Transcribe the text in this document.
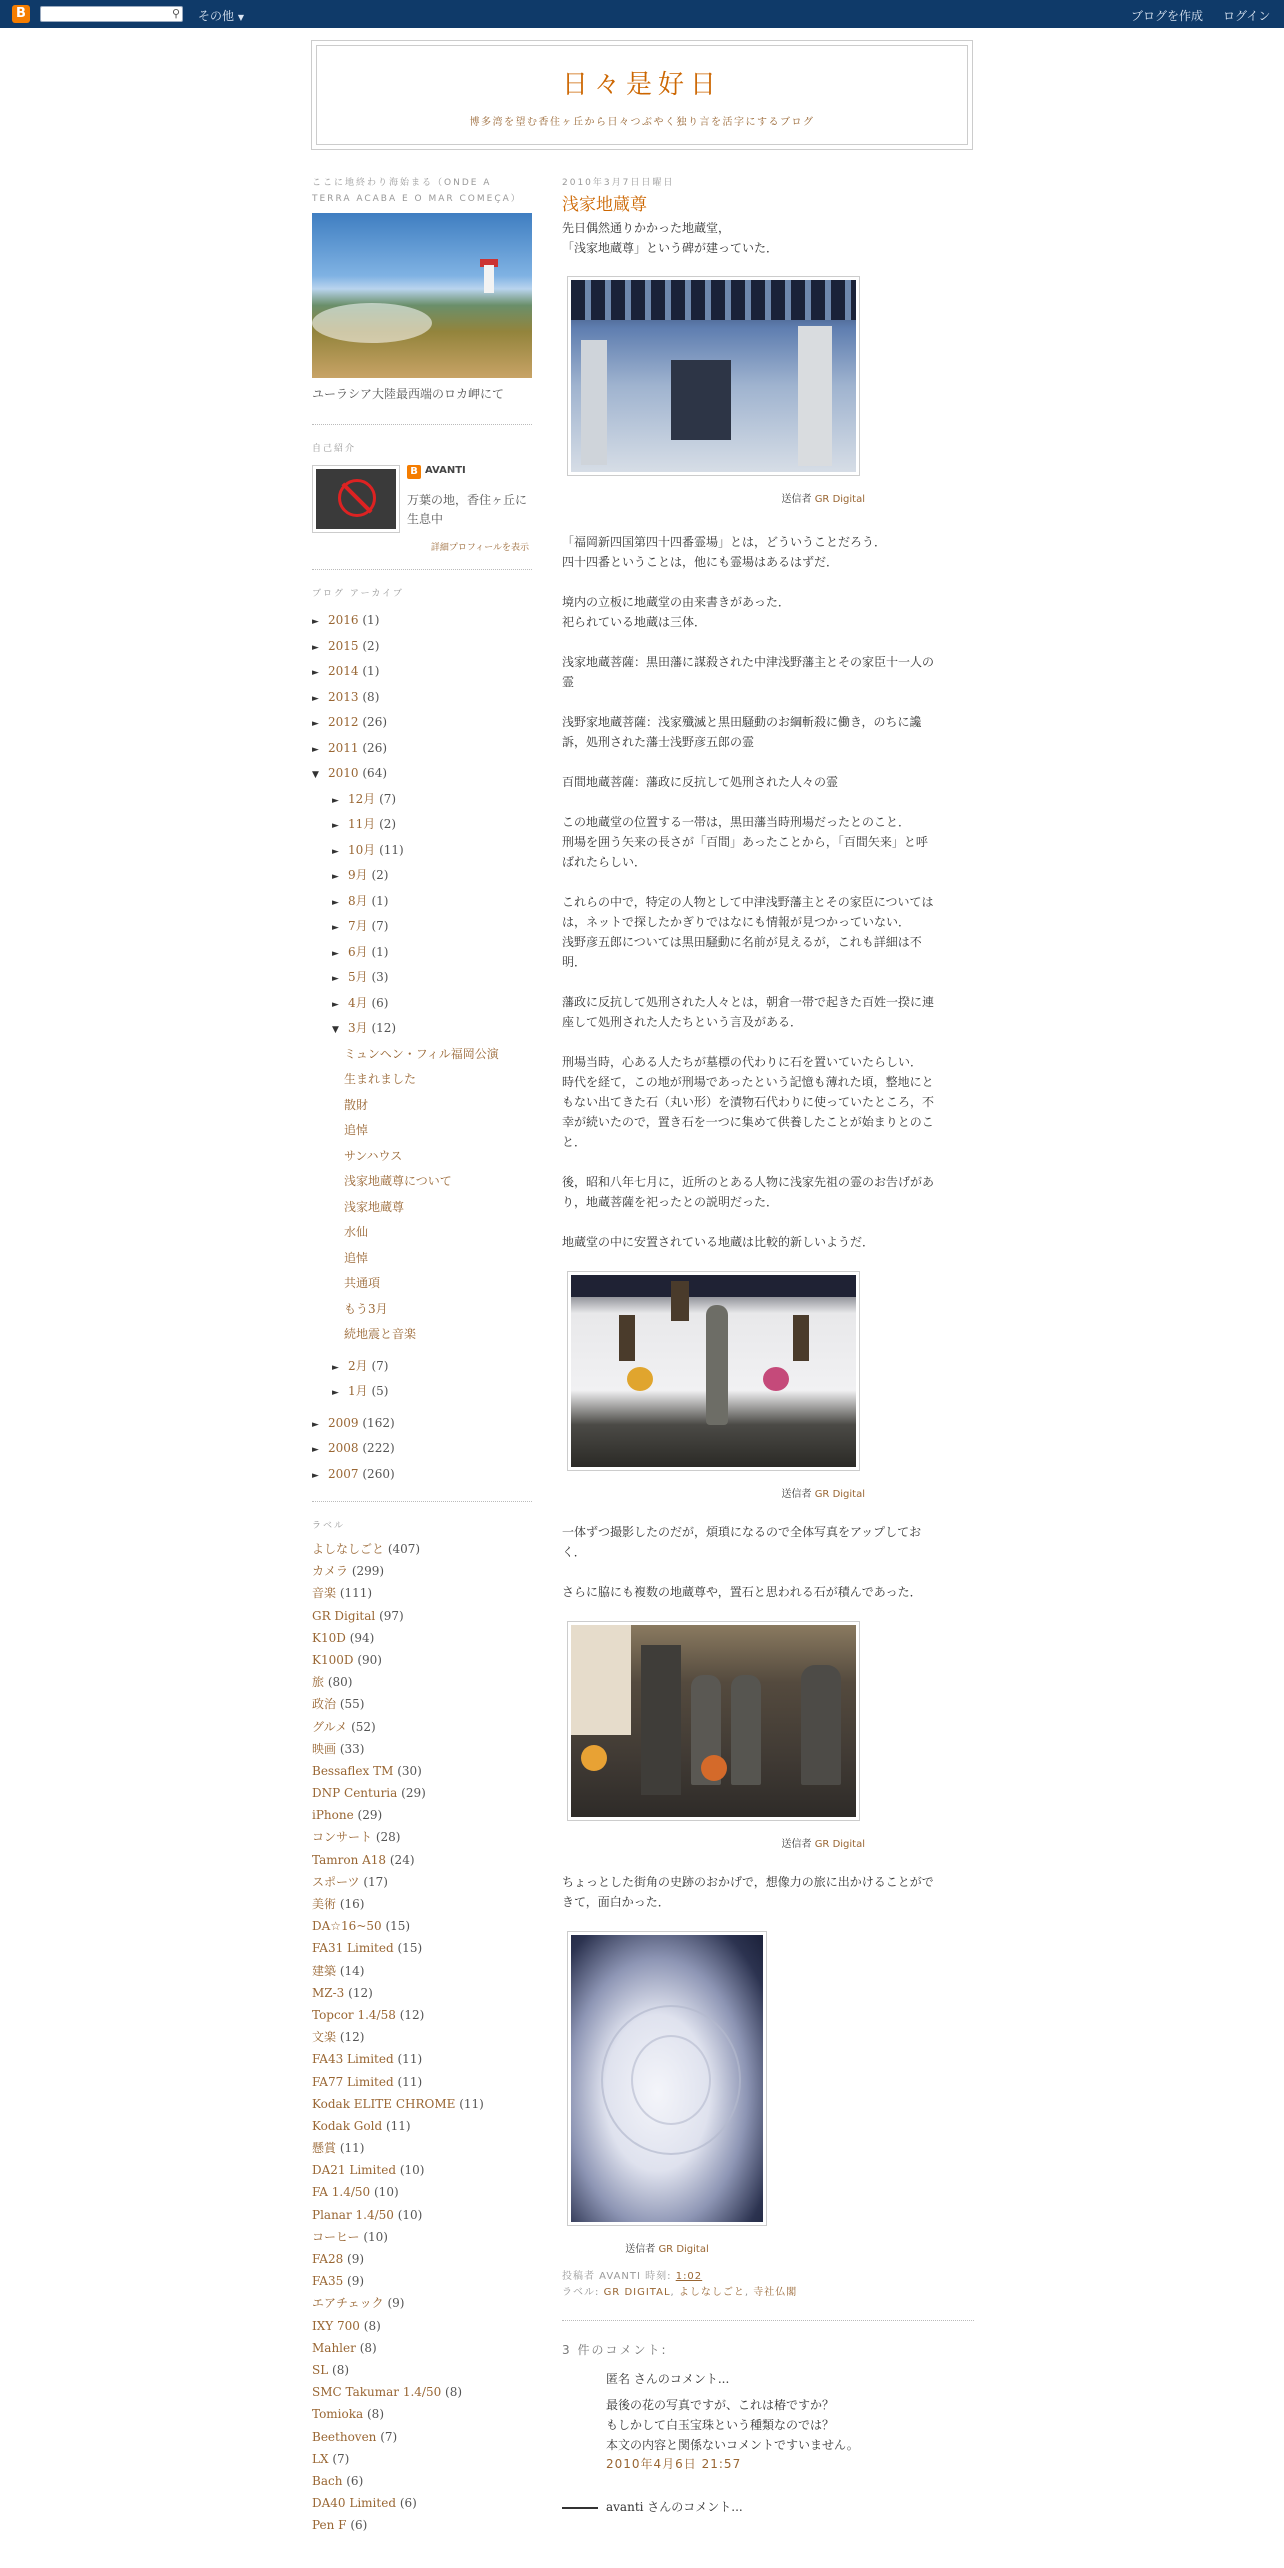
B	⚲ その他 ▼	ブログを作成 ログイン
日々是好日
博多湾を望む香住ヶ丘から日々つぶやく独り言を活字にするブログ
ここに地終わり海始まる（ONDE A TERRA ACABA E O MAR COMEÇA）
ユーラシア大陸最西端のロカ岬にて
自己紹介
B AVANTI
万葉の地，香住ヶ丘に生息中
詳細プロフィールを表示
ブログ アーカイブ
► 2016 (1)
► 2015 (2)
► 2014 (1)
► 2013 (8)
► 2012 (26)
► 2011 (26)
▼ 2010 (64)
► 12月 (7)
► 11月 (2)
► 10月 (11)
► 9月 (2)
► 8月 (1)
► 7月 (7)
► 6月 (1)
► 5月 (3)
► 4月 (6)
▼ 3月 (12)
ミュンヘン・フィル福岡公演
生まれました
散財
追悼
サンハウス
浅家地蔵尊について
浅家地蔵尊
水仙
追悼
共通項
もう3月
続地震と音楽
► 2月 (7)
► 1月 (5)
► 2009 (162)
► 2008 (222)
► 2007 (260)
ラベル
よしなしごと (407)
カメラ (299)
音楽 (111)
GR Digital (97)
K10D (94)
K100D (90)
旅 (80)
政治 (55)
グルメ (52)
映画 (33)
Bessaflex TM (30)
DNP Centuria (29)
iPhone (29)
コンサート (28)
Tamron A18 (24)
スポーツ (17)
美術 (16)
DA☆16~50 (15)
FA31 Limited (15)
建築 (14)
MZ-3 (12)
Topcor 1.4/58 (12)
文楽 (12)
FA43 Limited (11)
FA77 Limited (11)
Kodak ELITE CHROME (11)
Kodak Gold (11)
懸賞 (11)
DA21 Limited (10)
FA 1.4/50 (10)
Planar 1.4/50 (10)
コーヒー (10)
FA28 (9)
FA35 (9)
エアチェック (9)
IXY 700 (8)
Mahler (8)
SL (8)
SMC Takumar 1.4/50 (8)
Tomioka (8)
Beethoven (7)
LX (7)
Bach (6)
DA40 Limited (6)
Pen F (6)
2010年3月7日日曜日
浅家地蔵尊
先日偶然通りかかった地蔵堂，
「浅家地蔵尊」という碑が建っていた．
送信者 GR Digital
「福岡新四国第四十四番霊場」とは，どういうことだろう．
四十四番ということは，他にも霊場はあるはずだ．
境内の立板に地蔵堂の由来書きがあった．
祀られている地蔵は三体．
浅家地蔵菩薩：黒田藩に謀殺された中津浅野藩主とその家臣十一人の
霊
浅野家地蔵菩薩：浅家殲滅と黒田騒動のお綱斬殺に働き，のちに讒
訴，処刑された藩士浅野彦五郎の霊
百間地蔵菩薩：藩政に反抗して処刑された人々の霊
この地蔵堂の位置する一帯は，黒田藩当時刑場だったとのこと．
刑場を囲う矢来の長さが「百間」あったことから，「百間矢来」と呼
ばれたらしい．
これらの中で，特定の人物として中津浅野藩主とその家臣については
は，ネットで探したかぎりではなにも情報が見つかっていない．
浅野彦五郎については黒田騒動に名前が見えるが，これも詳細は不
明．
藩政に反抗して処刑された人々とは，朝倉一帯で起きた百姓一揆に連
座して処刑された人たちという言及がある．
刑場当時，心ある人たちが墓標の代わりに石を置いていたらしい．
時代を経て，この地が刑場であったという記憶も薄れた頃，整地にと
もない出てきた石（丸い形）を漬物石代わりに使っていたところ，不
幸が続いたので，置き石を一つに集めて供養したことが始まりとのこ
と．
後，昭和八年七月に，近所のとある人物に浅家先祖の霊のお告げがあ
り，地蔵菩薩を祀ったとの説明だった．
地蔵堂の中に安置されている地蔵は比較的新しいようだ．
送信者 GR Digital
一体ずつ撮影したのだが，煩瑣になるので全体写真をアップしてお
く．
さらに脇にも複数の地蔵尊や，置石と思われる石が積んであった．
送信者 GR Digital
ちょっとした街角の史跡のおかげで，想像力の旅に出かけることがで
きて，面白かった．
送信者 GR Digital
投稿者 AVANTI 時刻: 1:02
ラベル: GR DIGITAL, よしなしごと, 寺社仏閣
3 件のコメント:
匿名 さんのコメント...
最後の花の写真ですが、これは椿ですか？
もしかして白玉宝珠という種類なのでは？
本文の内容と関係ないコメントですいません。
2010年4月6日 21:57
avanti さんのコメント...
